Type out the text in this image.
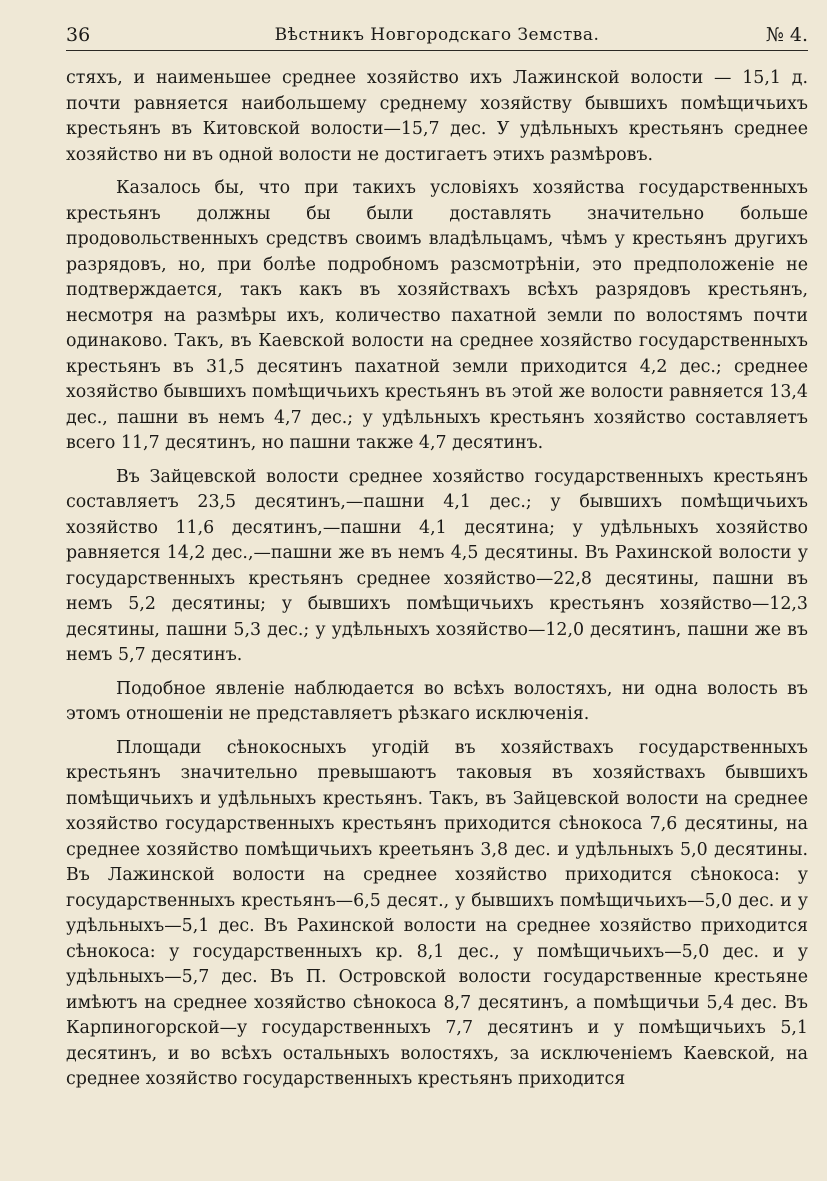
36	Вѣстникъ Новгородскаго Земства.	№ 4.

стяхъ, и наименьшее среднее хозяйство ихъ Лажинской волости — 15,1 д. почти равняется наибольшему среднему хозяйству бывшихъ помѣщичьихъ крестьянъ въ Китовской волости—15,7 дес. У удѣльныхъ крестьянъ среднее хозяйство ни въ одной волости не достигаетъ этихъ размѣровъ.

Казалось бы, что при такихъ условiяхъ хозяйства государственныхъ крестьянъ должны бы были доставлять значительно больше продовольственныхъ средствъ своимъ владѣльцамъ, чѣмъ у крестьянъ другихъ разрядовъ, но, при болѣе подробномъ разсмотрѣнiи, это предположенiе не подтверждается, такъ какъ въ хозяйствахъ всѣхъ разрядовъ крестьянъ, несмотря на размѣры ихъ, количество пахатной земли по волостямъ почти одинаково. Такъ, въ Каевской волости на среднее хозяйство государственныхъ крестьянъ въ 31,5 десятинъ пахатной земли приходится 4,2 дес.; среднее хозяйство бывшихъ помѣщичьихъ крестьянъ въ этой же волости равняется 13,4 дес., пашни въ немъ 4,7 дес.; у удѣльныхъ крестьянъ хозяйство составляетъ всего 11,7 десятинъ, но пашни также 4,7 десятинъ.

Въ Зайцевской волости среднее хозяйство государственныхъ крестьянъ составляетъ 23,5 десятинъ,—пашни 4,1 дес.; у бывшихъ помѣщичьихъ хозяйство 11,6 десятинъ,—пашни 4,1 десятина; у удѣльныхъ хозяйство равняется 14,2 дес.,—пашни же въ немъ 4,5 десятины. Въ Рахинской волости у государственныхъ крестьянъ среднее хозяйство—22,8 десятины, пашни въ немъ 5,2 десятины; у бывшихъ помѣщичьихъ крестьянъ хозяйство—12,3 десятины, пашни 5,3 дес.; у удѣльныхъ хозяйство—12,0 десятинъ, пашни же въ немъ 5,7 десятинъ.

Подобное явленiе наблюдается во всѣхъ волостяхъ, ни одна волость въ этомъ отношенiи не представляетъ рѣзкаго исключенiя.

Площади сѣнокосныхъ угодiй въ хозяйствахъ государственныхъ крестьянъ значительно превышаютъ таковыя въ хозяйствахъ бывшихъ помѣщичьихъ и удѣльныхъ крестьянъ. Такъ, въ Зайцевской волости на среднее хозяйство государственныхъ крестьянъ приходится сѣнокоса 7,6 десятины, на среднее хозяйство помѣщичьихъ креетьянъ 3,8 дес. и удѣльныхъ 5,0 десятины. Въ Лажинской волости на среднее хозяйство приходится сѣнокоса: у государственныхъ крестьянъ—6,5 десят., у бывшихъ помѣщичьихъ—5,0 дес. и у удѣльныхъ—5,1 дес. Въ Рахинской волости на среднее хозяйство приходится сѣнокоса: у государственныхъ кр. 8,1 дес., у помѣщичьихъ—5,0 дес. и у удѣльныхъ—5,7 дес. Въ П. Островской волости государственные крестьяне имѣютъ на среднее хозяйство сѣнокоса 8,7 десятинъ, а помѣщичьи 5,4 дес. Въ Карпиногорской—у государственныхъ 7,7 десятинъ и у помѣщичьихъ 5,1 десятинъ, и во всѣхъ остальныхъ волостяхъ, за исключенiемъ Каевской, на среднее хозяйство государственныхъ крестьянъ приходится
